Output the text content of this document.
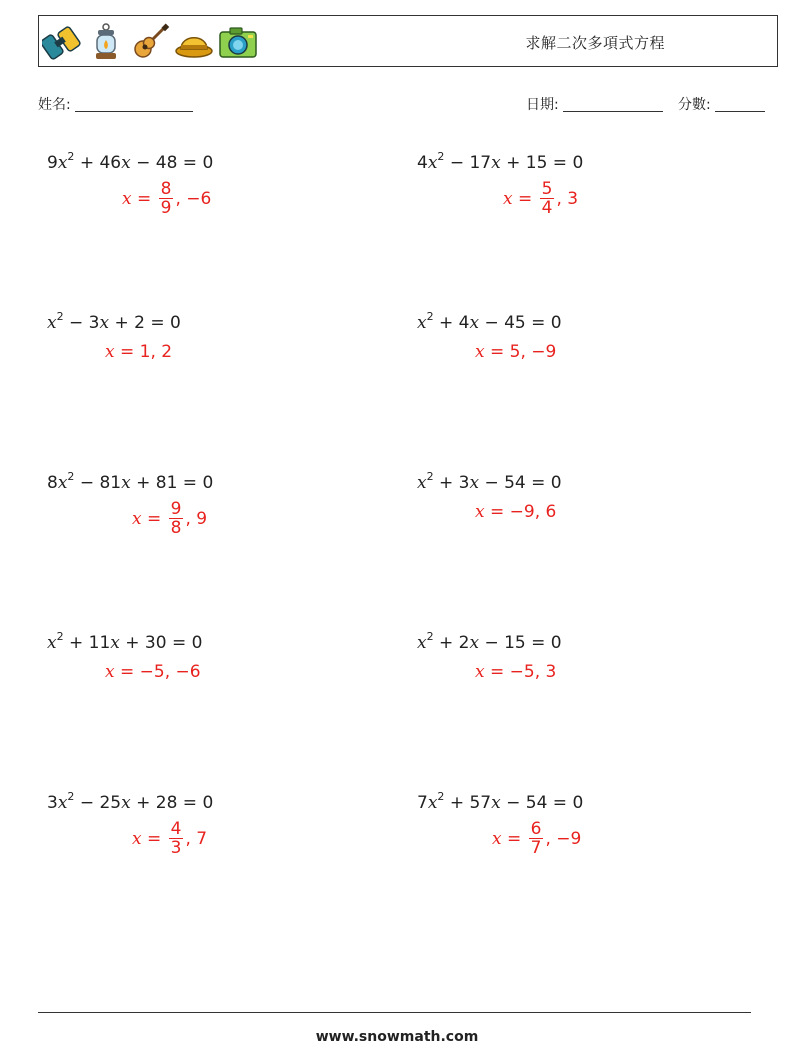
求解二次多項式方程
姓名:	日期:	分數:
$9x^2 + 46x - 48 = 0$
$x = \frac{8}{9}$ , −6
$4x^2 - 17x + 15 = 0$
$x = \frac{5}{4}$ , 3
$x^2 - 3x + 2 = 0$
x = 1, 2
$x^2 + 4x - 45 = 0$
x = 5, −9
$8x^2 - 81x + 81 = 0$
$x = \frac{9}{8}$ , 9
$x^2 + 3x - 54 = 0$
x = −9, 6
$x^2 + 11x + 30 = 0$
x = −5, −6
$x^2 + 2x - 15 = 0$
x = −5, 3
$3x^2 - 25x + 28 = 0$
$x = \frac{4}{3}$ , 7
$7x^2 + 57x - 54 = 0$
$x = \frac{6}{7}$ , −9
www.snowmath.com
